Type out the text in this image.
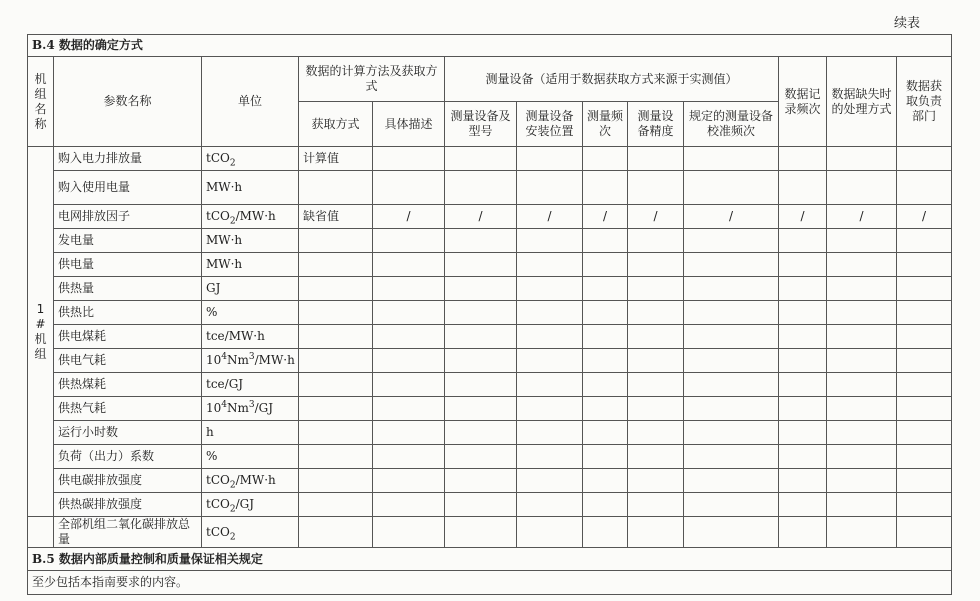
续表
B.4 数据的确定方式												
机组名称	参数名称	单位	数据的计算方法及获取方式		测量设备（适用于数据获取方式来源于实测值）					数据记录频次	数据缺失时的处理方式	数据获取负责部门
			获取方式	具体描述	测量设备及型号	测量设备安装位置	测量频次	测量设备精度	规定的测量设备校准频次			

1
#
机
组	购入电力排放量	tCO$_2$	计算值									
	购入使用电量	MW·h										
	电网排放因子	tCO$_2$/MW·h	缺省值	/	/	/	/	/	/	/	/	/
	发电量	MW·h										
	供电量	MW·h										
	供热量	GJ										
	供热比	%										
	供电煤耗	tce/MW·h										
	供电气耗	$10^4Nm^3/MW\cdot h$										
	供热煤耗	tce/GJ										
	供热气耗	$10^4Nm^3/GJ$										
	运行小时数	h										
	负荷（出力）系数	%										
	供电碳排放强度	tCO$_2$/MW·h										
	供热碳排放强度	tCO$_2$/GJ										
	全部机组二氧化碳排放总量	tCO$_2$										
B.5 数据内部质量控制和质量保证相关规定												
至少包括本指南要求的内容。												
